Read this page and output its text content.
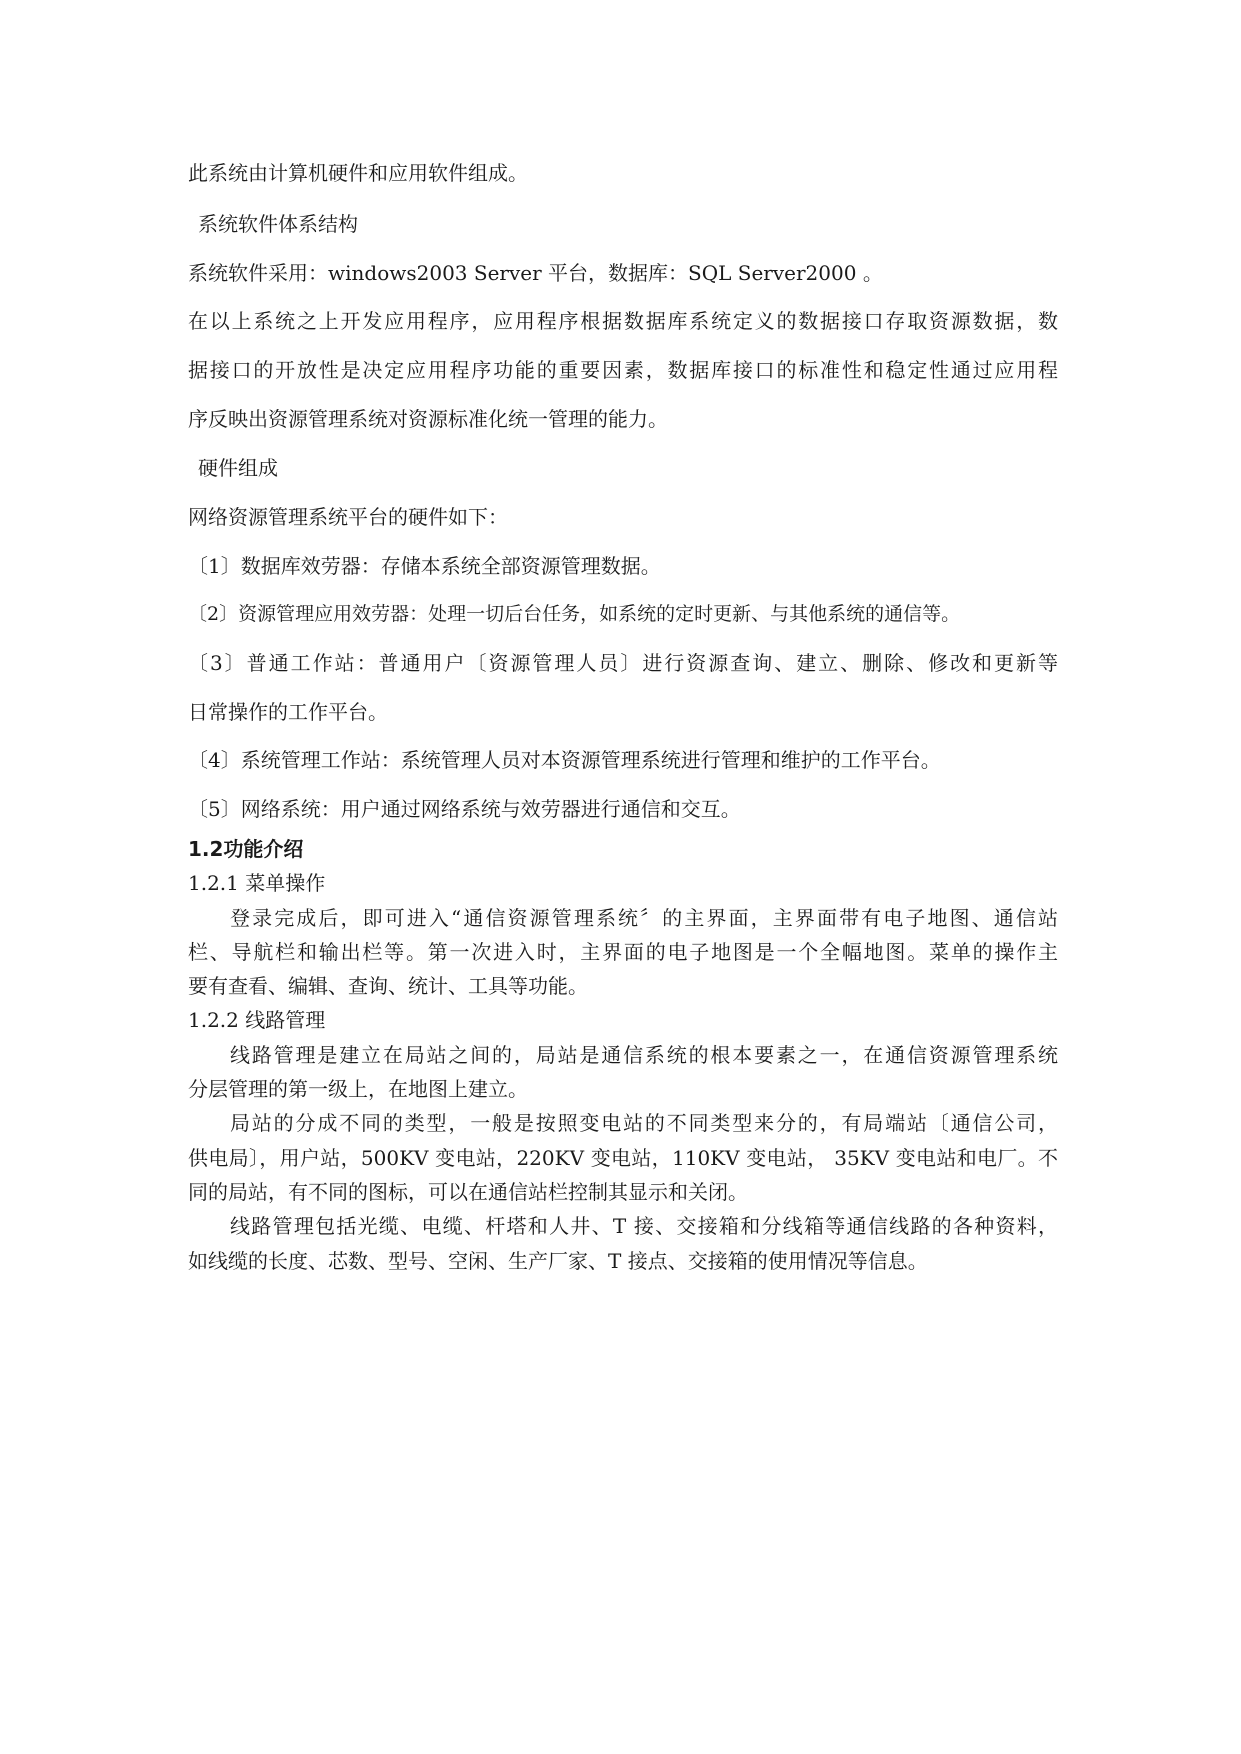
此系统由计算机硬件和应用软件组成。
系统软件体系结构
系统软件采用：windows2003 Server 平台，数据库：SQL Server2000 。
在以上系统之上开发应用程序，应用程序根据数据库系统定义的数据接口存取资源数据，数
据接口的开放性是决定应用程序功能的重要因素，数据库接口的标准性和稳定性通过应用程
序反映出资源管理系统对资源标准化统一管理的能力。
硬件组成
网络资源管理系统平台的硬件如下：
〔1〕数据库效劳器：存储本系统全部资源管理数据。
〔2〕资源管理应用效劳器：处理一切后台任务，如系统的定时更新、与其他系统的通信等。
〔3〕普通工作站：普通用户〔资源管理人员〕进行资源查询、建立、删除、修改和更新等
日常操作的工作平台。
〔4〕系统管理工作站：系统管理人员对本资源管理系统进行管理和维护的工作平台。
〔5〕网络系统：用户通过网络系统与效劳器进行通信和交互。
1.2功能介绍
1.2.1 菜单操作
登录完成后，即可进入“通信资源管理系统〞的主界面，主界面带有电子地图、通信站
栏、导航栏和输出栏等。第一次进入时，主界面的电子地图是一个全幅地图。菜单的操作主
要有查看、编辑、查询、统计、工具等功能。
1.2.2 线路管理
线路管理是建立在局站之间的，局站是通信系统的根本要素之一，在通信资源管理系统
分层管理的第一级上，在地图上建立。
局站的分成不同的类型，一般是按照变电站的不同类型来分的，有局端站〔通信公司，
供电局〕，用户站，500KV 变电站，220KV 变电站，110KV 变电站， 35KV 变电站和电厂。不
同的局站，有不同的图标，可以在通信站栏控制其显示和关闭。
线路管理包括光缆、电缆、杆塔和人井、T 接、交接箱和分线箱等通信线路的各种资料，
如线缆的长度、芯数、型号、空闲、生产厂家、T 接点、交接箱的使用情况等信息。
